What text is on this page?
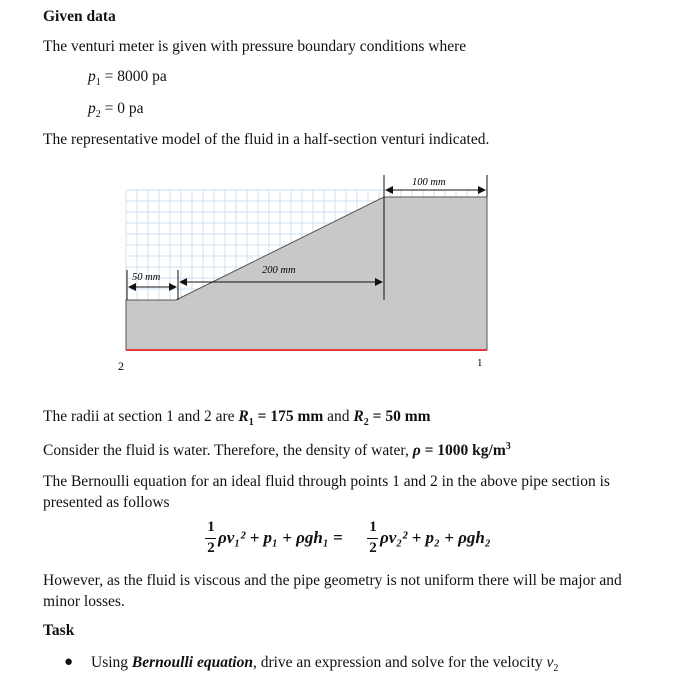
Given data
The venturi meter is given with pressure boundary conditions where
$p_1 = 8000$ pa
$p_2 = 0$ pa
The representative model of the fluid in a half-section venturi indicated.
100 mm
200 mm
50 mm
2	1
The radii at section 1 and 2 are $R_1 = 175$ mm and $R_2 = 50$ mm
Consider the fluid is water. Therefore, the density of water, ρ = 1000 $kg/m^3$
The Bernoulli equation for an ideal fluid through points 1 and 2 in the above pipe section is presented as follows
1
2
ρv₁² + p₁ + ρgh₁ =
1
2
ρv₂² + p₂ + ρgh₂
However, as the fluid is viscous and the pipe geometry is not uniform there will be major and minor losses.
Task
● Using Bernoulli equation, drive an expression and solve for the velocity $v_2$
